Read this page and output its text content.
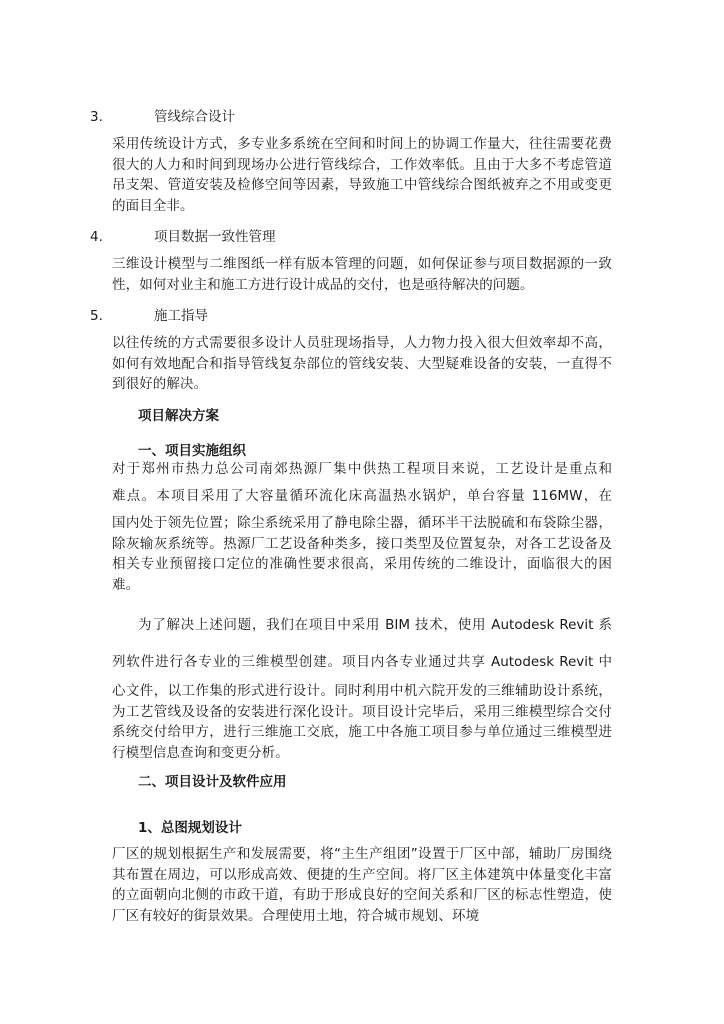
3.	管线综合设计
采用传统设计方式，多专业多系统在空间和时间上的协调工作量大，往往需要花费很大的人力和时间到现场办公进行管线综合，工作效率低。且由于大多不考虑管道吊支架、管道安装及检修空间等因素，导致施工中管线综合图纸被弃之不用或变更的面目全非。
4.	项目数据一致性管理
三维设计模型与二维图纸一样有版本管理的问题，如何保证参与项目数据源的一致性，如何对业主和施工方进行设计成品的交付，也是亟待解决的问题。
5.	施工指导
以往传统的方式需要很多设计人员驻现场指导，人力物力投入很大但效率却不高，如何有效地配合和指导管线复杂部位的管线安装、大型疑难设备的安装，一直得不到很好的解决。
项目解决方案
一、项目实施组织
对于郑州市热力总公司南郊热源厂集中供热工程项目来说，工艺设计是重点和
难点。本项目采用了大容量循环流化床高温热水锅炉，单台容量 116MW，在
国内处于领先位置；除尘系统采用了静电除尘器，循环半干法脱硫和布袋除尘器，除灰输灰系统等。热源厂工艺设备种类多，接口类型及位置复杂，对各工艺设备及相关专业预留接口定位的准确性要求很高，采用传统的二维设计，面临很大的困难。
为了解决上述问题，我们在项目中采用 BIM 技术，使用 Autodesk Revit 系
列软件进行各专业的三维模型创建。项目内各专业通过共享 Autodesk Revit 中
心文件，以工作集的形式进行设计。同时利用中机六院开发的三维辅助设计系统，为工艺管线及设备的安装进行深化设计。项目设计完毕后，采用三维模型综合交付系统交付给甲方，进行三维施工交底，施工中各施工项目参与单位通过三维模型进行模型信息查询和变更分析。
二、项目设计及软件应用
1、总图规划设计
厂区的规划根据生产和发展需要，将“主生产组团”设置于厂区中部，辅助厂房围绕其布置在周边，可以形成高效、便捷的生产空间。将厂区主体建筑中体量变化丰富的立面朝向北侧的市政干道，有助于形成良好的空间关系和厂区的标志性塑造，使厂区有较好的街景效果。合理使用土地，符合城市规划、环境
